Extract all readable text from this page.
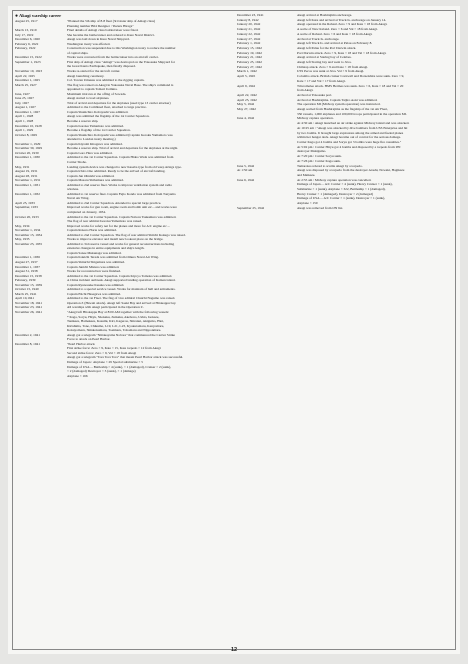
● Akagi warship career
August 25, 1917	"Planned the 5th ship of 8-8 fleet (3rd sister ship of Amagi class)
Planning number B64 Designer : Yuzuru Hiraga"
March 13, 1919	Final details of Amagi class battlecruiser were fixed.
July 17, 1919	She became the battlecruiser and ordered to Kure Naval District.
December 6, 1920	Akagi was laid down in Kure Naval Shipyard.
February 6, 1922	Washington treaty was effected.
February, 1922	Construction was suspended due to this Washington treaty to reduce the number
of capital ships.
December 15, 1922	Works were converted from the battlecruiser into an aircraft carrier.
September 1, 1923	First ship of Amagi class "Amagi" was destroyed on the Yokosuka Shipyard for
the Great Kanto Earthquake, then finally disposed.
November 10, 1923	Works re-started for the aircraft carrier.
April 22, 1925	Akagi launching ceremony.
December 1, 1925	Col. Torzen Umeusu was admitted to the rigging captain.
March 25, 1927	The flag was raised on Akagi in Yokosuka Naval Base. The ship's command is
appointed to captain Tomari Uemina.
June, 1927	Maximum trial run at the offing of Sowada.
June 25, 1927	Akagi started to load airplanes.
July, 1927	Trial of arrival and departure for the airplanes (used type 13 carrier attacker)
August 1, 1927	Admitted to the Combined fleet, attached to large practice.
December 1, 1927	Captain Shunichiro Kobayashi was admitted.
April 1, 1928	Akagi was admitted the flagship of the 1st Carrier Squadron.
April 1, 1928	Became a reserve ship.
December 10, 1928	Captain Isoroku Yamamoto was admitted.
April 1, 1929	Became a flagship of the 1st Carrier Squadron.
October 8, 1929	Captain Shunichiro Kobayashi was admitted (Captain Isoroku Yamamoto was
attended to London treaty meeting.)
November 1, 1929	Captain Kiyoshi Kitagawa was admitted.
November 30, 1929	Became a reserve ship. Trial of arrival and departure for the airplanes at the night.
October 20, 1930	Captain Goro Hara was admitted.
December 1, 1930	Admitted to the 1st Carrier Squadron. Captain Hideo Wada was admitted from
Carrier Shoho.
May, 1931	Landing system device was changed to new Kasaba type from old warp strings type.
August 19, 1931	Captain Ichiro Ono admitted. Ready to be the arrived of aircraft landing.
August 28, 1931	Captain Jun Ohnishi was admitted.
November 1, 1931	Captain Masaru Shibamura was admitted.
December 1, 1931	Admitted to 2nd reserve fleet. Works to improve ventilation system and radio
wireless.
December 1, 1932	Admitted to 1st reserve fleet. Captain Fujio Kondo was admitted from Tonyama
Naval Air Wing.
April 25, 1933	Admitted to 2nd Carrier Squadron. Attended to special large practice.
September, 1933	Improved works for gun room, engine room and bomb unit etc... and works were
completed on January, 1934.
October 20, 1933	Admitted to the 1st Carrier Squadron. Captain Noboru Tsukamura was admitted.
The flag of rear admiral Isoroku Yamamoto was raised.
May, 1934	Improved works for safety net for the planes and more for A/C engine etc ...
November 1, 1934	Captain Rokuro Horie was admitted.
November 15, 1934	Admitted to 2nd Carrier Squadron. The flag of rear admiral Shiichi Kokugo was raised.
May, 1935	Works to improve elevator and install new lookout place on the bridge.
November 25, 1935	Admitted to 3rd reserve vessel and works for general reconstructions including
extensive changes in entire equipments and ship's length.
Captain Sanae Mukunaga was admitted.
December 1, 1936	Captain Kokichi Terada was admitted from Omura Naval Air Wing.
August 27, 1937	Captain Shinichi Shigemura was admitted.
December 1, 1937	Captain Junichi Mizuno was admitted.
August 31, 1938	Works for reconstruction were finished.
December 15, 1938	Admitted to the 1st Carrier Squadron. Captain Kiyoyo Tomoka was admitted.
February, 1939	A China incident outbreak. Akagi supported landing operation of Kainan island.
November 15, 1939	Captain Ryunosuke Kusaka was admitted.
October 15, 1940	Admitted to a special service vessel. Works for maintain of hull and armaments.
March 25, 1941	Captain Eiichi Hasegawa was admitted.
April 10,1941	Admitted to the 1st Fleet. The flag of vice admiral Chuichi Nagumo was raised.
November 18, 1941	Operation Z (Hawaii attack). Akagi left Saeki Bay and arrived at Hitokappu bay.
November 23, 1941	All warships with Akagi participated in the Operation Z.
November 26, 1941	"Akagi left Hitokappu Bay at 8:00 AM together with the following vessels:
* Kaga, Soryu, Hiryu, Shokaku, Zuikaku, Akebono, Ushio, Isokaze,
Tanikaze, Hamakaze, Kasumi, Kiri, Kagerou, Shiranui, Akigumo, Hiei,
Kirishima, Tone, Chikuma, I-19, I-21, I-23, Kyokutomaru, Kenyomaru,
Kokuyomaru, Shinkokumaru, Toeimaru, Tohomaru and Nipponmaru.
December 2, 1941	Akagi got a telegram "Niitakayama Nobore" that commenced the Carrier Strike
Force to attack on Pearl Harbor.
December 8, 1941	"Pearl Harbor attack
First strike force: Zero × 9, Kate × 15, Kate torpedo × 12 from Akagi
Second strike force: Zero × 9, Val × 18 from Akagi
Akagi got a telegram "Tora Tora Tora" that meant Pearl Harbor attack was successful.
Damage of Japan : Airplane × 29 Special submarine × 5
Damage of USA ... Battleship × 4 (sunk), × 1 (damaged), Cruiser × 2 (sunk),
× 2 (damaged) Destroyer × 3 (sunk), × 1 (damage)
Airplane × 166
December 23, 1941	Akagi arrived at Hashirajima anchorage.
January 8, 1942	Akagi left Kure and arrived at Truck Is. anchorage on January 14.
January 20, 1942	Akagi operated in the Rabaul. Zero × 9 and Kate × 18 from Akagi.
January 21, 1942	A sortie of New Ireland. Zero × 6 and Val × 18 from Akagi.
January 22, 1942	A sortie of Rabaul. Zero × 6 and Kate × 18 from Akagi.
January 27, 1942	Arrived at Truck Is. anchorage.
February 1, 1942	Akagi left Truck Is. and arrived at Palau on February 8.
February 15, 1942	Akagi left Palau for the Port Darwin attack.
February 19, 1942	Port Darwin attack. Zero × 9, Kate × 18 and Val × 18 from Akagi.
February 21, 1942	Akagi arrived at Staring bay of Celebes.
February 25, 1942	Akagi left Staring bay and went to Java.
February 27, 1942	Chilatap attack. Zero × 9 and Kate × 18 from Akagi.
March 1, 1942	USS Pecos was sunk at Java. Val × 9 from Akagi.
April 5, 1945	Colombo attack. British cruiser Cornwall and Dorsetshire were sunk. Zero × 9,
Kate × 17 and Val × 17 from Akagi.
April 9, 1942	Trincomalee attack. HMS Hermes was sunk. Zero × 6, Kate × 18 and Val × 20
from Akagi.
April 22, 1942	Arrived at Yokosuka port.
April 25, 1942	Arrived at Hashirajima. Captain Taijiro Aoki was admitted.
May 5, 1942	The operation MI (Midway system operation) was instructed.
May 27, 1942	Akagi sortied from Hashirajima as the flagship of the 1st Air Fleet,
350 vessels, 1,000 airplanes and 100,000 troops participated in the operation MI.
June 4, 1942	Midway capture operation.
At 4:30 am : Akagi launched an air strike against Midway island and was attacked.
At 10:25 am : "Akagi was attacked by dive bombers from USS Enterprise and hit
by two bombs. It brought large explosions among the armed and fueled planes
within her hangar deck. Akagi became out of control for the serious damage.
Carrier Kaga got 4 bombs and Soryu got 3 bombs were huge fire casualties."
At 5:02 pm : Carrier Hiryu got 4 bombs and disposed by a torpedo from IJN
destroyer Makigumo.
At 7:20 pm : Carrier Soryu sunk.
At 7:26 pm : Carrier Kaga sunk.
June 5, 1942	Tamaroku ordered to scuttle Akagi by a torpedo.
At 1:50 am	Akagi was disposed by a torpedo from the destroyer Arashi, Nowaki, Hagikaze
and Maikaze.
June 6, 1942	At 2:55 am : Midway capture operation was cancelled.
Damage of Japan ... A/C Carrier × 4 (sunk), Heavy Cruiser × 1 (sunk),
Submarine × 1 (sunk), Airplane × 322, Battleship × 1 (damaged),
Heavy Cruiser × 1 (damaged), Destroyer × 2 (damaged)
Damage of USA ... A/C Carrier × 1 (sunk), Destroyer × 1 (sunk),
Airplane × 150
September 25, 1942	Akagi was removed from IJN list.
12
